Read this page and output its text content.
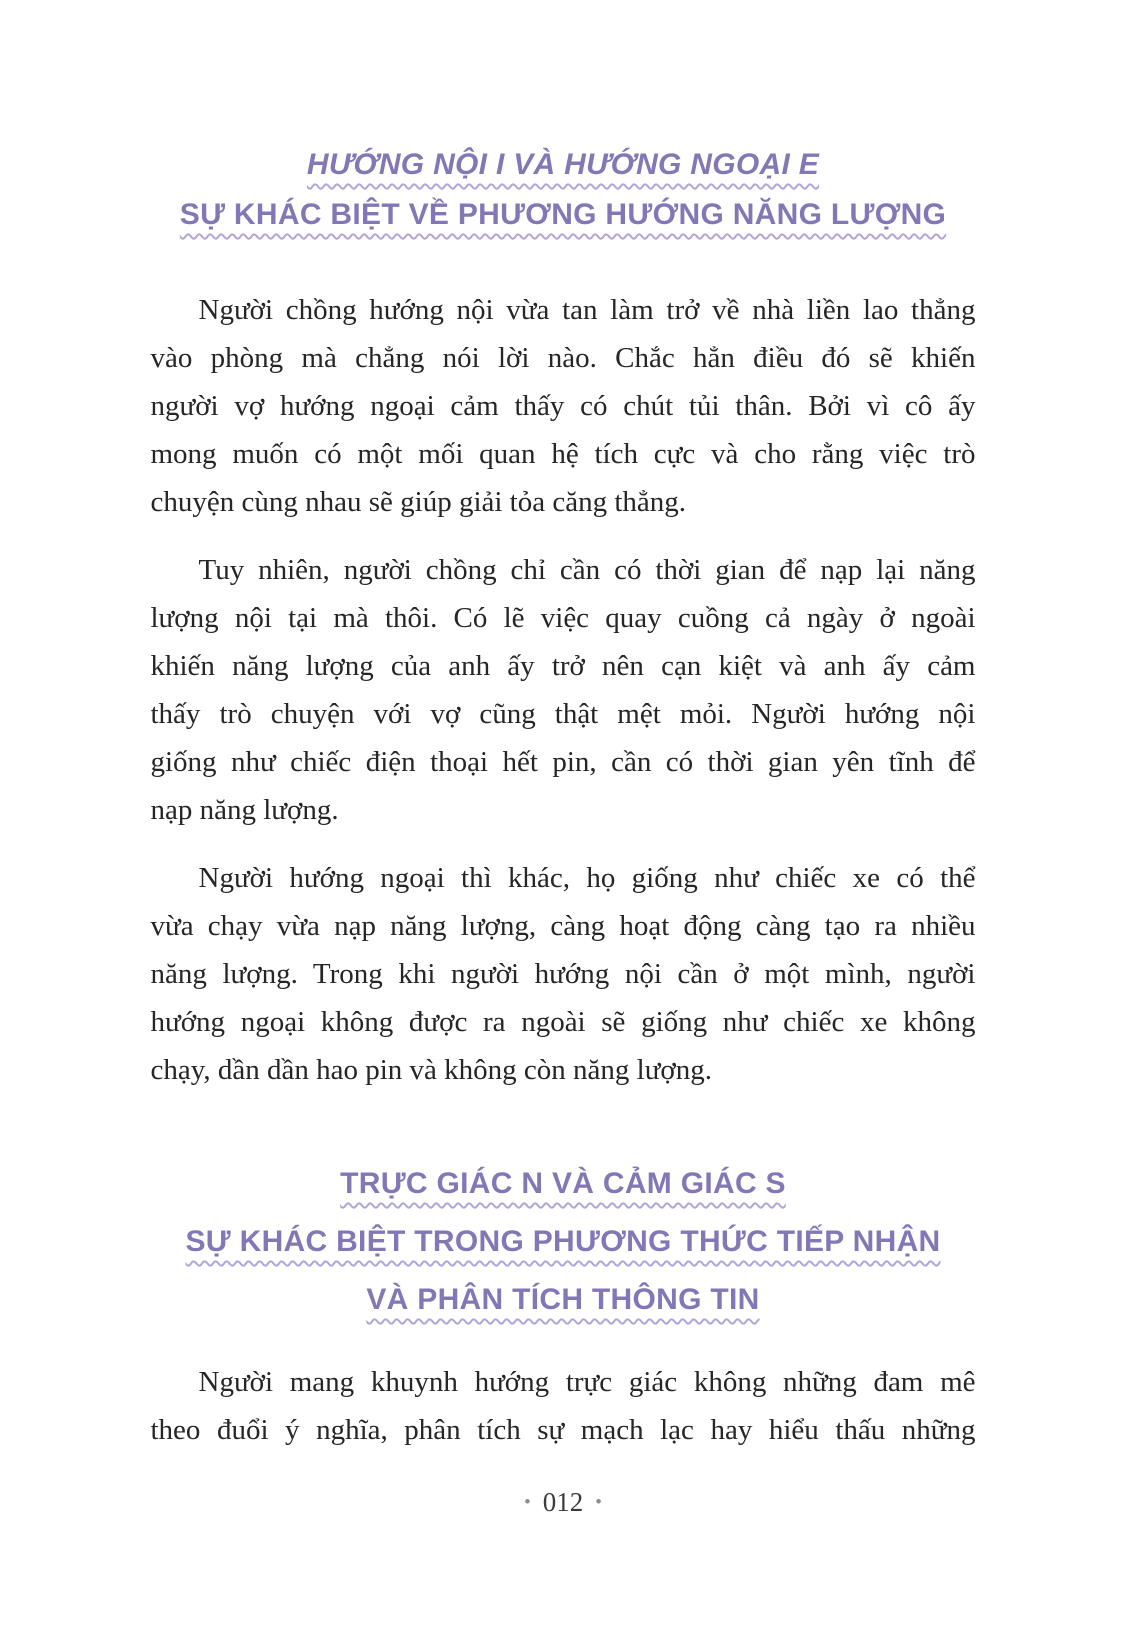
HƯỚNG NỘI I VÀ HƯỚNG NGOẠI E
SỰ KHÁC BIỆT VỀ PHƯƠNG HƯỚNG NĂNG LƯỢNG
Người chồng hướng nội vừa tan làm trở về nhà liền lao thẳng
vào phòng mà chẳng nói lời nào. Chắc hẳn điều đó sẽ khiến
người vợ hướng ngoại cảm thấy có chút tủi thân. Bởi vì cô ấy
mong muốn có một mối quan hệ tích cực và cho rằng việc trò
chuyện cùng nhau sẽ giúp giải tỏa căng thẳng.
Tuy nhiên, người chồng chỉ cần có thời gian để nạp lại năng
lượng nội tại mà thôi. Có lẽ việc quay cuồng cả ngày ở ngoài
khiến năng lượng của anh ấy trở nên cạn kiệt và anh ấy cảm
thấy trò chuyện với vợ cũng thật mệt mỏi. Người hướng nội
giống như chiếc điện thoại hết pin, cần có thời gian yên tĩnh để
nạp năng lượng.
Người hướng ngoại thì khác, họ giống như chiếc xe có thể
vừa chạy vừa nạp năng lượng, càng hoạt động càng tạo ra nhiều
năng lượng. Trong khi người hướng nội cần ở một mình, người
hướng ngoại không được ra ngoài sẽ giống như chiếc xe không
chạy, dần dần hao pin và không còn năng lượng.
TRỰC GIÁC N VÀ CẢM GIÁC S
SỰ KHÁC BIỆT TRONG PHƯƠNG THỨC TIẾP NHẬN
VÀ PHÂN TÍCH THÔNG TIN
Người mang khuynh hướng trực giác không những đam mê
theo đuổi ý nghĩa, phân tích sự mạch lạc hay hiểu thấu những
• 012 •
